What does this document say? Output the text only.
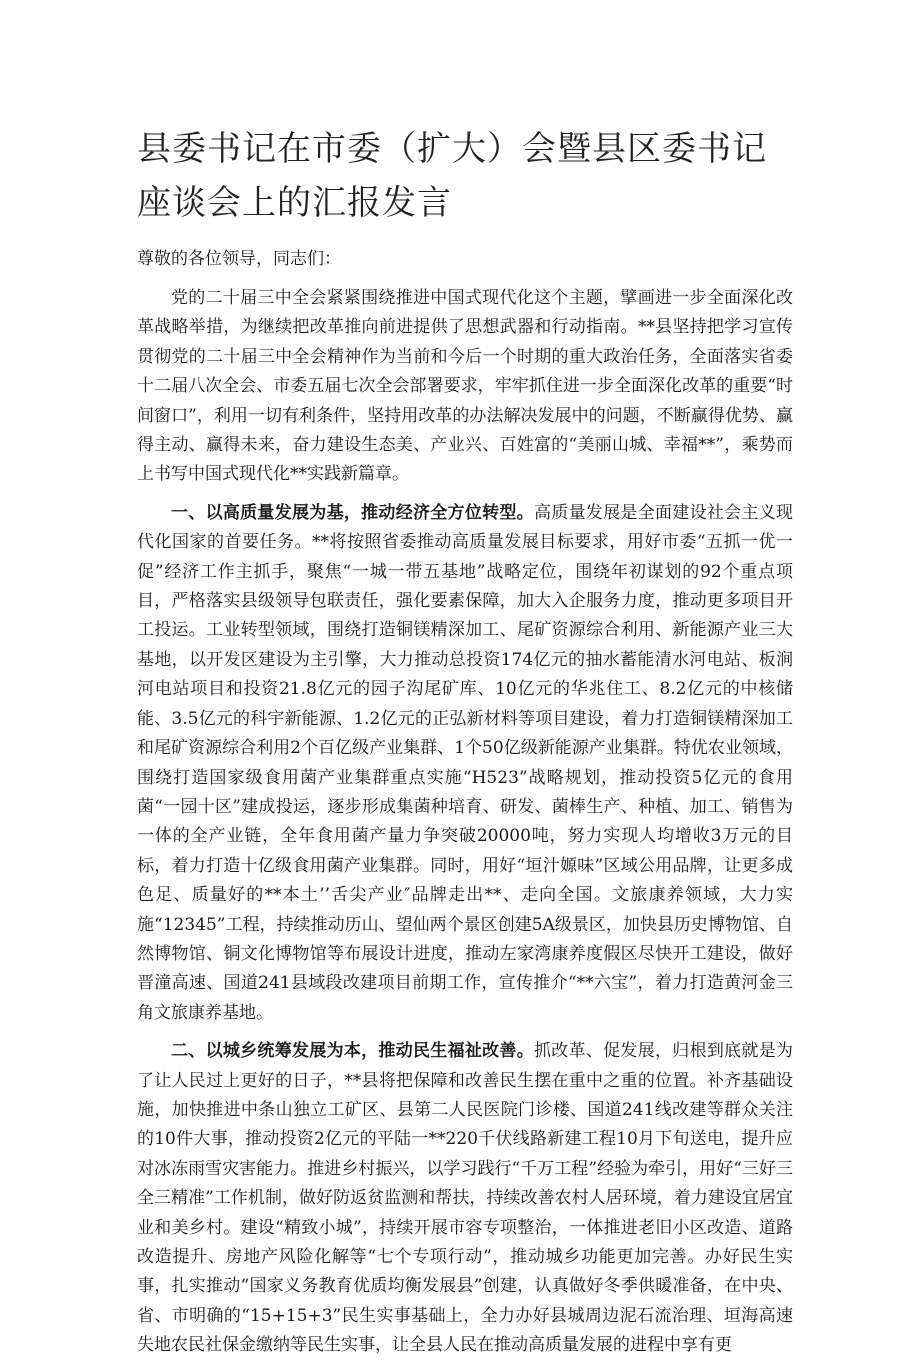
县委书记在市委（扩大）会暨县区委书记座谈会上的汇报发言

尊敬的各位领导，同志们：

党的二十届三中全会紧紧围绕推进中国式现代化这个主题，擘画进一步全面深化改革战略举措，为继续把改革推向前进提供了思想武器和行动指南。**县坚持把学习宣传贯彻党的二十届三中全会精神作为当前和今后一个时期的重大政治任务，全面落实省委十二届八次全会、市委五届七次全会部署要求，牢牢抓住进一步全面深化改革的重要“时间窗口”，利用一切有利条件，坚持用改革的办法解决发展中的问题，不断赢得优势、赢得主动、赢得未来，奋力建设生态美、产业兴、百姓富的“美丽山城、幸福**”，乘势而上书写中国式现代化**实践新篇章。

一、以高质量发展为基，推动经济全方位转型。高质量发展是全面建设社会主义现代化国家的首要任务。**将按照省委推动高质量发展目标要求，用好市委“五抓一优一促”经济工作主抓手，聚焦“一城一带五基地”战略定位，围绕年初谋划的92个重点项目，严格落实县级领导包联责任，强化要素保障，加大入企服务力度，推动更多项目开工投运。工业转型领域，围绕打造铜镁精深加工、尾矿资源综合利用、新能源产业三大基地，以开发区建设为主引擎，大力推动总投资174亿元的抽水蓄能清水河电站、板涧河电站项目和投资21.8亿元的园子沟尾矿库、10亿元的华兆住工、8.2亿元的中核储能、3.5亿元的科宇新能源、1.2亿元的正弘新材料等项目建设，着力打造铜镁精深加工和尾矿资源综合利用2个百亿级产业集群、1个50亿级新能源产业集群。特优农业领域，围绕打造国家级食用菌产业集群重点实施“H523”战略规划，推动投资5亿元的食用菌“一园十区”建成投运，逐步形成集菌种培育、研发、菌棒生产、种植、加工、销售为一体的全产业链，全年食用菌产量力争突破20000吨，努力实现人均增收3万元的目标，着力打造十亿级食用菌产业集群。同时，用好“垣汁嫄味”区域公用品牌，让更多成色足、质量好的**本土’’舌尖产业″品牌走出**、走向全国。文旅康养领域，大力实施“12345”工程，持续推动历山、望仙两个景区创建5A级景区，加快县历史博物馆、自然博物馆、铜文化博物馆等布展设计进度，推动左家湾康养度假区尽快开工建设，做好晋潼高速、国道241县域段改建项目前期工作，宣传推介“**六宝”，着力打造黄河金三角文旅康养基地。

二、以城乡统筹发展为本，推动民生福祉改善。抓改革、促发展，归根到底就是为了让人民过上更好的日子，**县将把保障和改善民生摆在重中之重的位置。补齐基础设施，加快推进中条山独立工矿区、县第二人民医院门诊楼、国道241线改建等群众关注的10件大事，推动投资2亿元的平陆一**220千伏线路新建工程10月下旬送电，提升应对冰冻雨雪灾害能力。推进乡村振兴，以学习践行“千万工程”经验为牵引，用好“三好三全三精准”工作机制，做好防返贫监测和帮扶，持续改善农村人居环境，着力建设宜居宜业和美乡村。建设“精致小城”，持续开展市容专项整治，一体推进老旧小区改造、道路改造提升、房地产风险化解等“七个专项行动”，推动城乡功能更加完善。办好民生实事，扎实推动“国家义务教育优质均衡发展县”创建，认真做好冬季供暖准备，在中央、省、市明确的“15+15+3”民生实事基础上，全力办好县城周边泥石流治理、垣海高速失地农民社保金缴纳等民生实事，让全县人民在推动高质量发展的进程中享有更
